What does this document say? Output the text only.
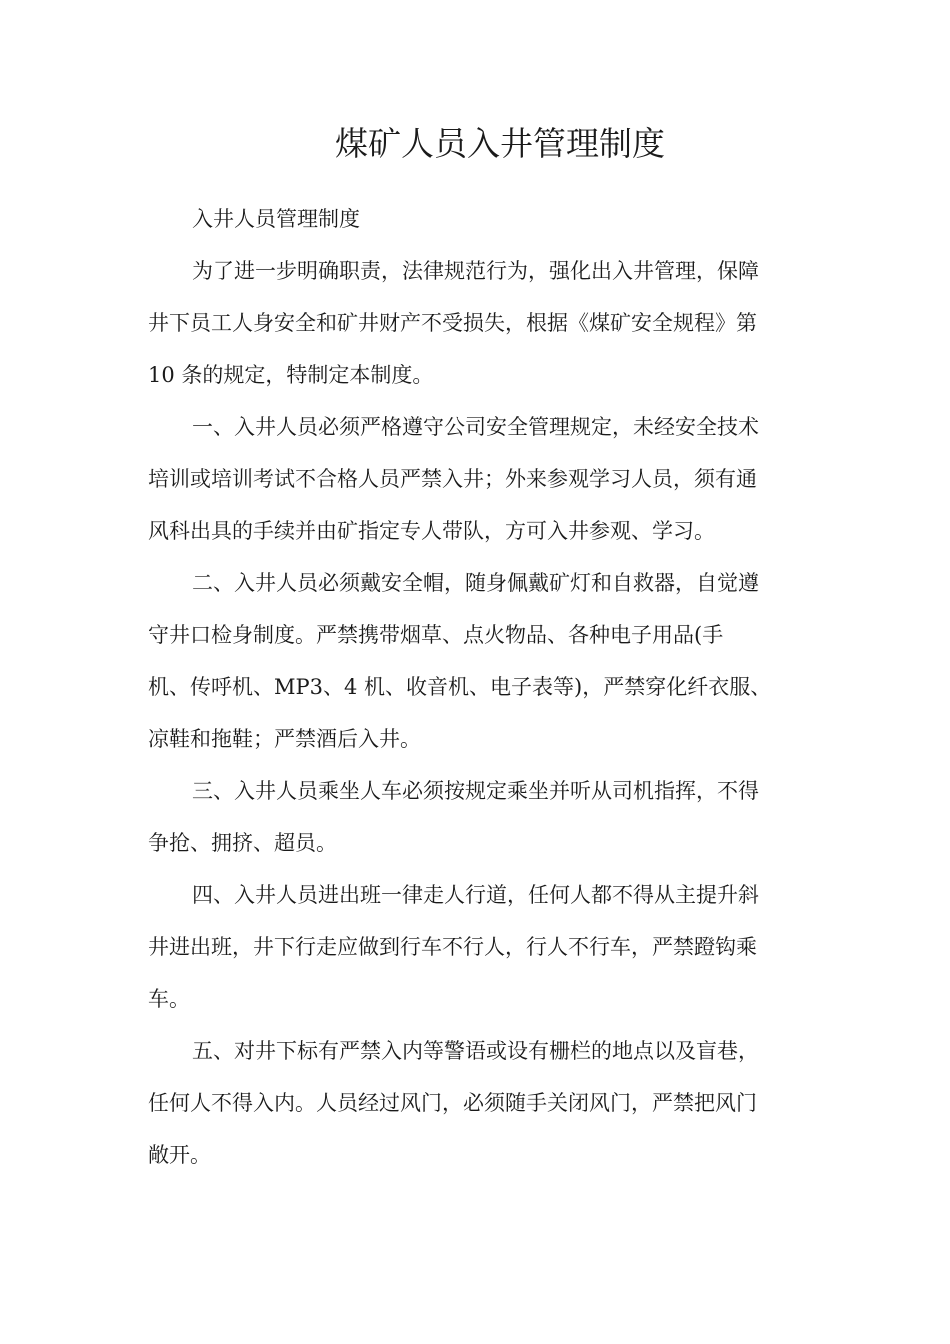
煤矿人员入井管理制度

入井人员管理制度

为了进一步明确职责，法律规范行为，强化出入井管理，保障
井下员工人身安全和矿井财产不受损失，根据《煤矿安全规程》第
10 条的规定，特制定本制度。
一、入井人员必须严格遵守公司安全管理规定，未经安全技术
培训或培训考试不合格人员严禁入井；外来参观学习人员，须有通
风科出具的手续并由矿指定专人带队，方可入井参观、学习。
二、入井人员必须戴安全帽，随身佩戴矿灯和自救器，自觉遵
守井口检身制度。严禁携带烟草、点火物品、各种电子用品(手
机、传呼机、MP3、4 机、收音机、电子表等)，严禁穿化纤衣服、
凉鞋和拖鞋；严禁酒后入井。
三、入井人员乘坐人车必须按规定乘坐并听从司机指挥，不得
争抢、拥挤、超员。
四、入井人员进出班一律走人行道，任何人都不得从主提升斜
井进出班，井下行走应做到行车不行人，行人不行车，严禁蹬钩乘
车。
五、对井下标有严禁入内等警语或设有栅栏的地点以及盲巷，
任何人不得入内。人员经过风门，必须随手关闭风门，严禁把风门
敞开。
